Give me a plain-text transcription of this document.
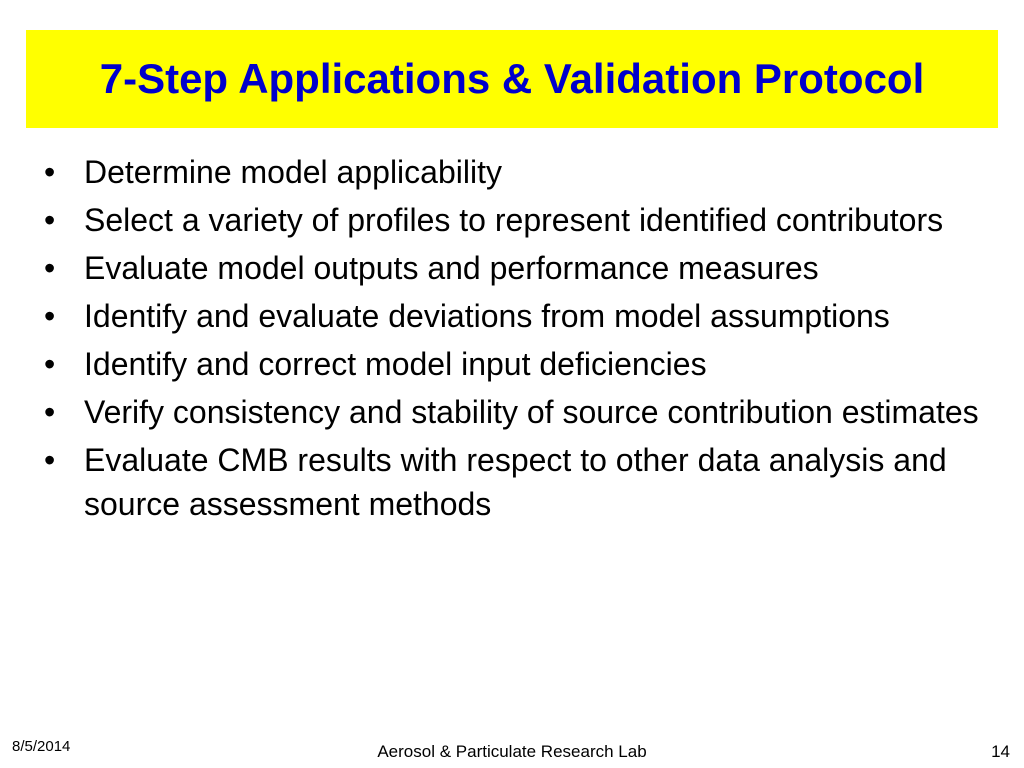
7-Step Applications & Validation Protocol
• Determine model applicability
• Select a variety of profiles to represent identified contributors
• Evaluate model outputs and performance measures
• Identify and evaluate deviations from model assumptions
• Identify and correct model input deficiencies
• Verify consistency and stability of source contribution estimates
• Evaluate CMB results with respect to other data analysis and source assessment methods
8/5/2014	Aerosol & Particulate Research Lab	14
